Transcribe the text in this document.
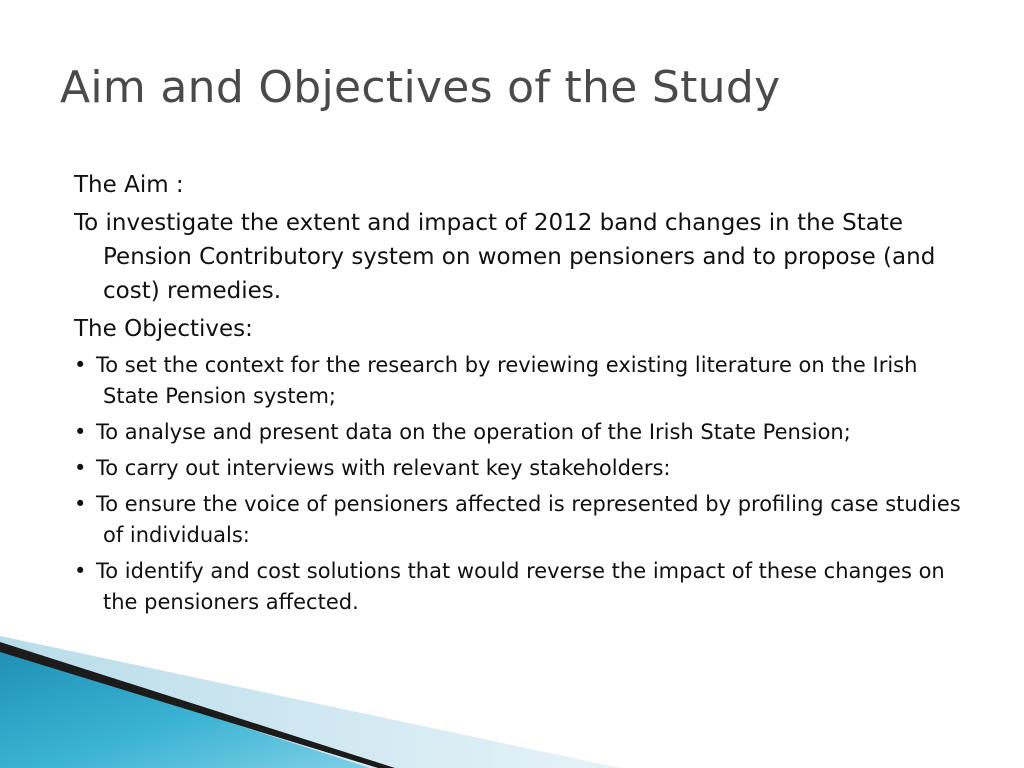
Aim and Objectives of the Study

The Aim :

To investigate the extent and impact of 2012 band changes in the State Pension Contributory system on women pensioners and to propose (and cost) remedies.

The Objectives:

• To set the context for the research by reviewing existing literature on the Irish State Pension system;

• To analyse and present data on the operation of the Irish State Pension;

• To carry out interviews with relevant key stakeholders:

• To ensure the voice of pensioners affected is represented by profiling case studies of individuals:

• To identify and cost solutions that would reverse the impact of these changes on the pensioners affected.
